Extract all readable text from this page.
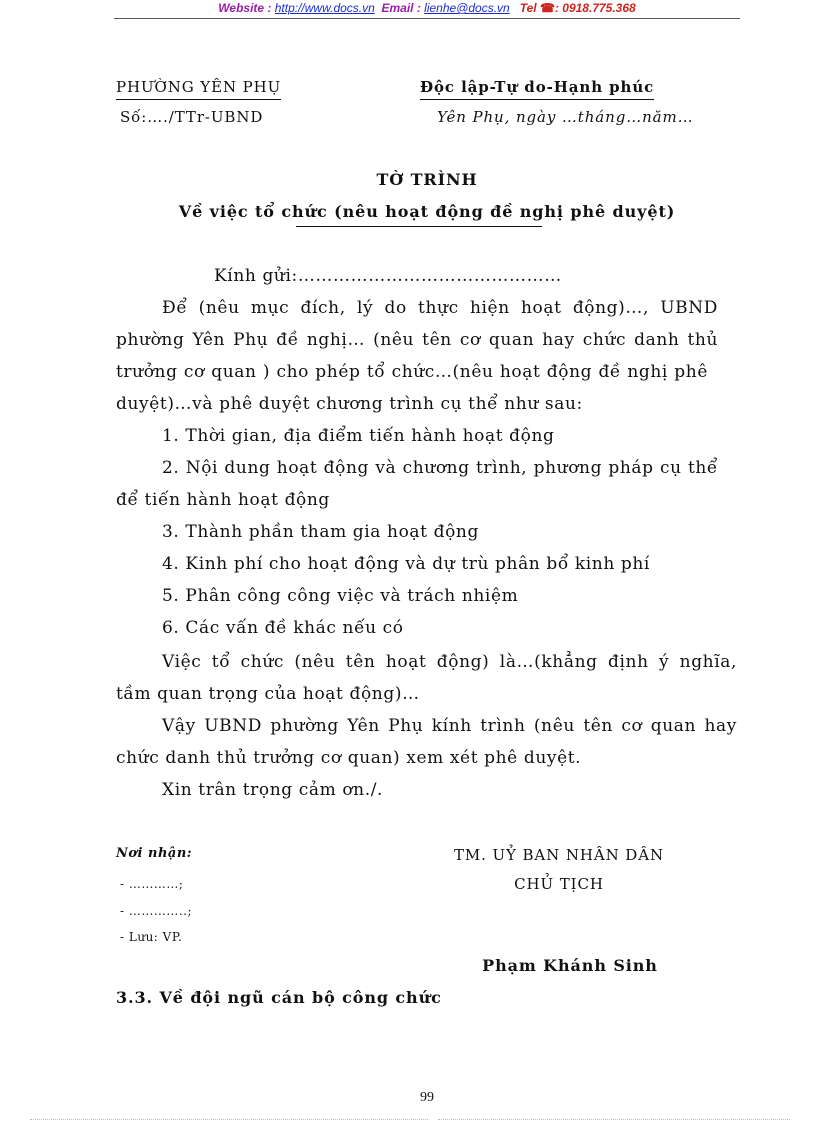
Website : http://www.docs.vn Email : lienhe@docs.vn Tel ☎: 0918.775.368
PHƯỜNG YÊN PHỤ
Số:…./TTr-UBND
Độc lập-Tự do-Hạnh phúc
Yên Phụ, ngày …tháng…năm…
TỜ TRÌNH
Về việc tổ chức (nêu hoạt động đề nghị phê duyệt)
Kính gửi:………………………………………
Để (nêu mục đích, lý do thực hiện hoạt động)…, UBND
phường Yên Phụ đề nghị… (nêu tên cơ quan hay chức danh thủ
trưởng cơ quan ) cho phép tổ chức…(nêu hoạt động đề nghị phê
duyệt)…và phê duyệt chương trình cụ thể như sau:
1. Thời gian, địa điểm tiến hành hoạt động
2. Nội dung hoạt động và chương trình, phương pháp cụ thể
để tiến hành hoạt động
3. Thành phần tham gia hoạt động
4. Kinh phí cho hoạt động và dự trù phân bổ kinh phí
5. Phân công công việc và trách nhiệm
6. Các vấn đề khác nếu có
Việc tổ chức (nêu tên hoạt động) là…(khẳng định ý nghĩa,
tầm quan trọng của hoạt động)…
Vậy UBND phường Yên Phụ kính trình (nêu tên cơ quan hay
chức danh thủ trưởng cơ quan) xem xét phê duyệt.
Xin trân trọng cảm ơn./.
Nơi nhận:
- …………;
- …………..;
- Lưu: VP.
TM. UỶ BAN NHÂN DÂN
CHỦ TỊCH
Phạm Khánh Sinh
3.3. Về đội ngũ cán bộ công chức
99
